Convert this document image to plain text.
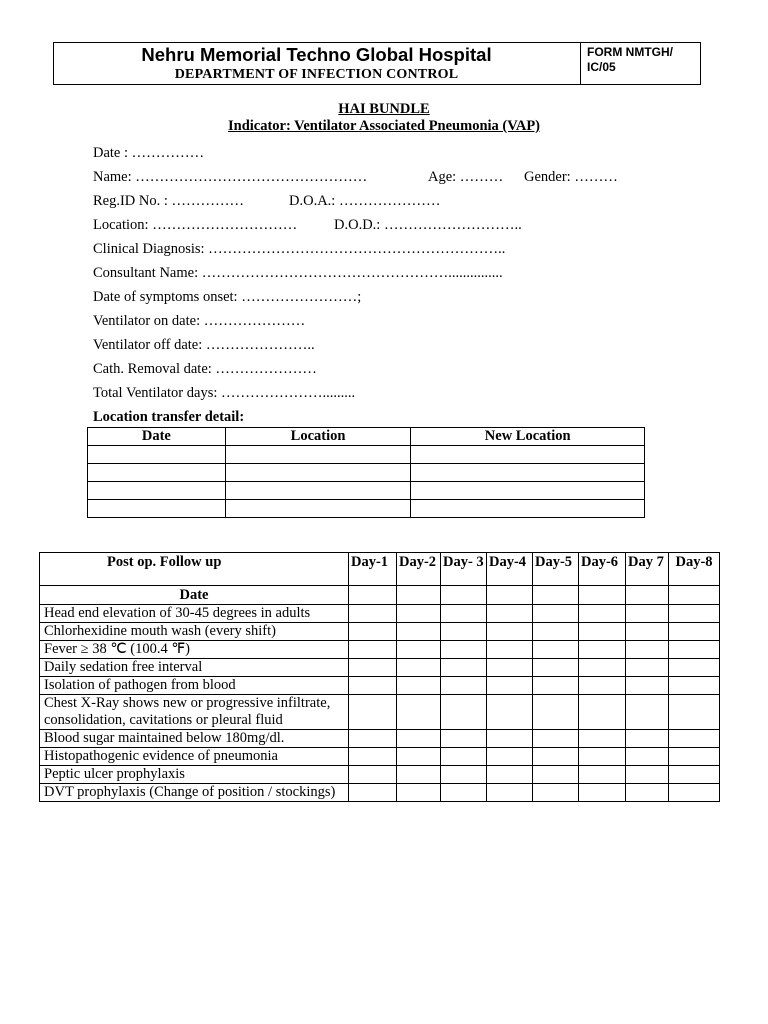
Nehru Memorial Techno Global Hospital
DEPARTMENT OF INFECTION CONTROL
FORM NMTGH/ IC/05
HAI BUNDLE
Indicator: Ventilator Associated Pneumonia (VAP)
Date : ……………
Name: …………………………………………	Age: ……… Gender: ………
Reg.ID No. : ……………	D.O.A.: …………………
Location: …………………………	D.O.D.: ………………………..
Clinical Diagnosis: ……………………………………………………..
Consultant Name: ……………………………………………...............
Date of symptoms onset: ……………………;
Ventilator on date: …………………
Ventilator off date: …………………..
Cath. Removal date: …………………
Total Ventilator days: ………………….........
Location transfer detail:
Date	Location	New Location

Post op. Follow up	Day-1	Day-2	Day- 3	Day-4	Day-5	Day-6	Day 7	Day-8
Date								
Head end elevation of 30-45 degrees in adults								
Chlorhexidine mouth wash (every shift)								
Fever ≥ 38 ℃ (100.4 ℉)								
Daily sedation free interval								
Isolation of pathogen from blood								
Chest X-Ray shows new or progressive infiltrate, consolidation, cavitations or pleural fluid								
Blood sugar maintained below 180mg/dl.								
Histopathogenic evidence of pneumonia								
Peptic ulcer prophylaxis								
DVT prophylaxis (Change of position / stockings)								
